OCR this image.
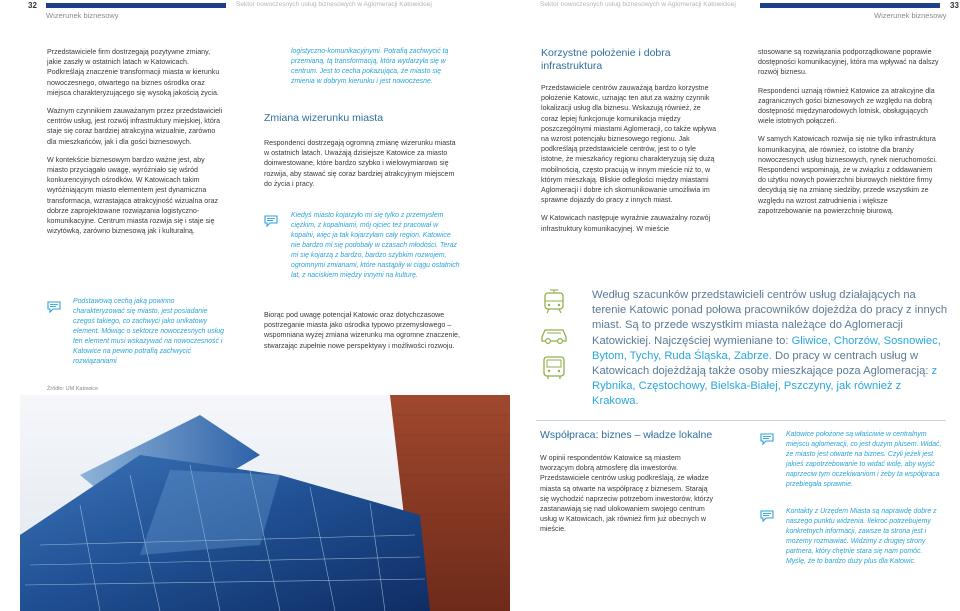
32	Sektor nowoczesnych usług biznesowych w Aglomeracji Katowickiej
Wizerunek biznesowy
Sektor nowoczesnych usług biznesowych w Aglomeracji Katowickiej	33
Wizerunek biznesowy

Przedstawiciele firm dostrzegają pozytywne zmiany, jakie zaszły w ostatnich latach w Katowicach. Podkreślają znaczenie transformacji miasta w kierunku nowoczesnego, otwartego na biznes ośrodka oraz miejsca charakteryzującego się wysoką jakością życia.

Ważnym czynnikiem zauważanym przez przedstawicieli centrów usług, jest rozwój infrastruktury miejskiej, która staje się coraz bardziej atrakcyjna wizualnie, zarówno dla mieszkańców, jak i dla gości biznesowych.

W kontekście biznesowym bardzo ważne jest, aby miasto przyciągało uwagę, wyróżniało się wśród konkurencyjnych ośrodków. W Katowicach takim wyróżniającym miasto elementem jest dynamiczna transformacja, wzrastająca atrakcyjność wizualna oraz dobrze zaprojektowane rozwiązania logistyczno-komunikacyjne. Centrum miasta rozwija się i staje się wizytówką, zarówno biznesową jak i kulturalną.

Podstawową cechą jaką powinno charakteryzować się miasto, jest posiadanie czegoś takiego, co zachwyci jako unikatowy element. Mówiąc o sektorze nowoczesnych usług ten element musi wskazywać na nowoczesność i Katowice na pewno potrafią zachwycić rozwiązaniami
Źródło: UM Katowice
logistyczno-komunikacyjnymi. Potrafią zachwycić tą przemianą, tą transformacją, która wydarzyła się w centrum. Jest to cecha pokazująca, że miasto się zmienia w dobrym kierunku i jest nowoczesne.
Zmiana wizerunku miasta
Respondenci dostrzegają ogromną zmianę wizerunku miasta w ostatnich latach. Uważają dzisiejsze Katowice za miasto doinwestowane, które bardzo szybko i wielowymiarowo się rozwija, aby stawać się coraz bardziej atrakcyjnym miejscem do życia i pracy.
Kiedyś miasto kojarzyło mi się tylko z przemysłem ciężkim, z kopalniami, mój ojciec też pracował w kopalni, więc ja tak kojarzyłam cały region. Katowice nie bardzo mi się podobały w czasach młodości. Teraz mi się kojarzą z bardzo, bardzo szybkim rozwojem, ogromnymi zmianami, które nastąpiły w ciągu ostatnich lat, z naciskiem między innymi na kulturę.
Biorąc pod uwagę potencjał Katowic oraz dotychczasowe postrzeganie miasta jako ośrodka typowo przemysłowego – wspomniana wyżej zmiana wizerunku ma ogromne znaczenie, stwarzając zupełnie nowe perspektywy i możliwości rozwoju.
Korzystne położenie i dobra infrastruktura

Przedstawiciele centrów zauważają bardzo korzystne położenie Katowic, uznając ten atut za ważny czynnik lokalizacji usług dla biznesu. Wskazują również, że coraz lepiej funkcjonuje komunikacja między poszczególnymi miastami Aglomeracji, co także wpływa na wzrost potencjału biznesowego regionu. Jak podkreślają przedstawiciele centrów, jest to o tyle istotne, że mieszkańcy regionu charakteryzują się dużą mobilnością, często pracują w innym mieście niż to, w którym mieszkają. Bliskie odległości między miastami Aglomeracji i dobre ich skomunikowanie umożliwia im sprawne dojazdy do pracy z innych miast.

W Katowicach następuje wyraźnie zauważalny rozwój infrastruktury komunikacyjnej. W mieście

stosowane są rozwiązania podporządkowane poprawie dostępności komunikacyjnej, która ma wpływać na dalszy rozwój biznesu.

Respondenci uznają również Katowice za atrakcyjne dla zagranicznych gości biznesowych ze względu na dobrą dostępność międzynarodowych lotnisk, obsługujących wiele istotnych połączeń.

W samych Katowicach rozwija się nie tylko infrastruktura komunikacyjna, ale również, co istotne dla branży nowoczesnych usług biznesowych, rynek nieruchomości. Respondenci wspominają, że w związku z oddawaniem do użytku nowych powierzchni biurowych niektóre firmy decydują się na zmianę siedziby, przede wszystkim ze względu na wzrost zatrudnienia i większe zapotrzebowanie na powierzchnię biurową.

Według szacunków przedstawicieli centrów usług działających na terenie Katowic ponad połowa pracowników dojeżdża do pracy z innych miast. Są to przede wszystkim miasta należące do Aglomeracji Katowickiej. Najczęściej wymieniane to: Gliwice, Chorzów, Sosnowiec, Bytom, Tychy, Ruda Śląska, Zabrze. Do pracy w centrach usług w Katowicach dojeżdżają także osoby mieszkające poza Aglomeracją: z Rybnika, Częstochowy, Bielska-Białej, Pszczyny, jak również z Krakowa.
Współpraca: biznes – władze lokalne
W opinii respondentów Katowice są miastem tworzącym dobrą atmosferę dla inwestorów. Przedstawiciele centrów usług podkreślają, że władze miasta są otwarte na współpracę z biznesem. Starają się wychodzić naprzeciw potrzebom inwestorów, którzy zastanawiają się nad ulokowaniem swojego centrum usług w Katowicach, jak również firm już obecnych w mieście.
Katowice położone są właściwie w centralnym miejscu aglomeracji, co jest dużym plusem. Widać, że miasto jest otwarte na biznes. Czyli jeżeli jest jakieś zapotrzebowanie to widać wolę, aby wyjść naprzeciw tym oczekiwaniom i żeby ta współpraca przebiegała sprawnie.
Kontakty z Urzędem Miasta są naprawdę dobre z naszego punktu widzenia. Ilekroć potrzebujemy konkretnych informacji, zawsze ta strona jest i możemy rozmawiać. Widzimy z drugiej strony partnera, który chętnie stara się nam pomóc. Myślę, że to bardzo duży plus dla Katowic.
